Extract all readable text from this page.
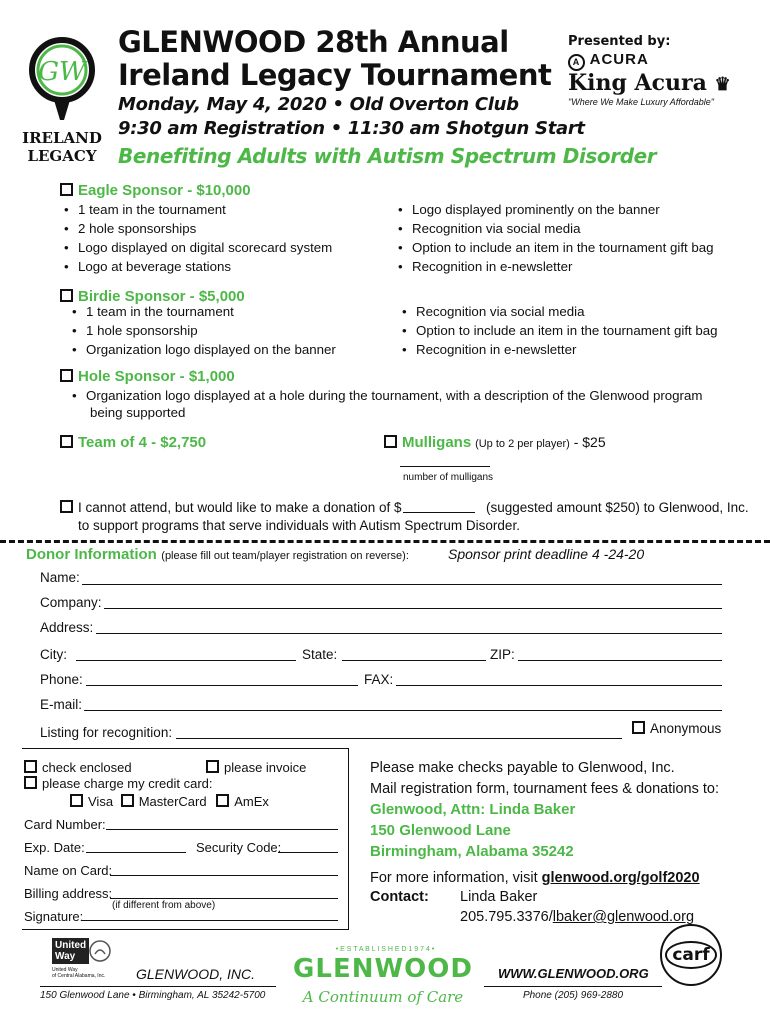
GW
IRELAND
LEGACY
GLENWOOD 28th Annual
Ireland Legacy Tournament
Monday, May 4, 2020 • Old Overton Club
9:30 am Registration • 11:30 am Shotgun Start
Benefiting Adults with Autism Spectrum Disorder
Presented by:
A ACURA
King Acura ♛
"Where We Make Luxury Affordable"
Eagle Sponsor - $10,000
• 1 team in the tournament
• 2 hole sponsorships
• Logo displayed on digital scorecard system
• Logo at beverage stations
• Logo displayed prominently on the banner
• Recognition via social media
• Option to include an item in the tournament gift bag
• Recognition in e-newsletter
Birdie Sponsor - $5,000
• 1 team in the tournament
• 1 hole sponsorship
• Organization logo displayed on the banner
• Recognition via social media
• Option to include an item in the tournament gift bag
• Recognition in e-newsletter
Hole Sponsor - $1,000
• Organization logo displayed at a hole during the tournament, with a description of the Glenwood program
being supported
Team of 4 - $2,750	Mulligans (Up to 2 per player) - $25
number of mulligans
I cannot attend, but would like to make a donation of $	(suggested amount $250) to Glenwood, Inc.
to support programs that serve individuals with Autism Spectrum Disorder.
Donor Information (please fill out team/player registration on reverse):	Sponsor print deadline 4 -24-20
Name:
Company:
Address:
City:	State:	ZIP:
Phone:	FAX:
E-mail:
Listing for recognition:	Anonymous
check enclosed	please invoice
please charge my credit card:
Visa MasterCard AmEx
Card Number:
Exp. Date:	Security Code:
Name on Card:
Billing address:
(if different from above)
Signature:
Please make checks payable to Glenwood, Inc.
Mail registration form, tournament fees & donations to:
Glenwood, Attn: Linda Baker
150 Glenwood Lane
Birmingham, Alabama 35242
For more information, visit glenwood.org/golf2020
Contact: Linda Baker
205.795.3376/lbaker@glenwood.org
United
Way
United Way
of Central Alabama, Inc.	GLENWOOD, INC.
150 Glenwood Lane • Birmingham, AL 35242-5700
• E S T A B L I S H E D 1 9 7 4 •
GLENWOOD
A Continuum of Care
WWW.GLENWOOD.ORG
Phone (205) 969-2880
carf
